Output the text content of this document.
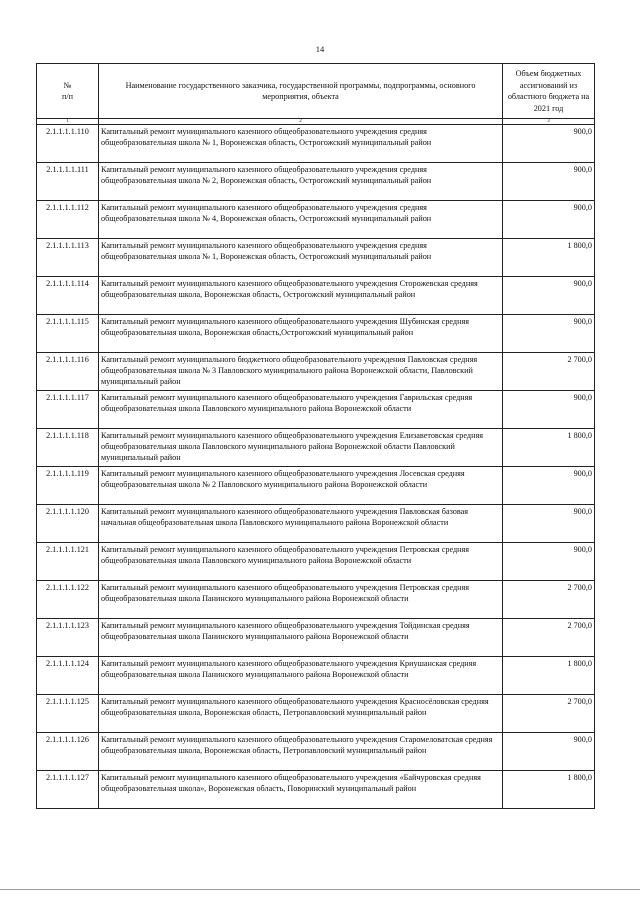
14
№
п/п	Наименование государственного заказчика, государственной программы, подпрограммы, основного мероприятия, объекта	Объем бюджетных ассигнований из областного бюджета на 2021 год
1	2	3
2.1.1.1.1.110	Капитальный ремонт муниципального казенного общеобразовательного учреждения средняя общеобразовательная школа № 1, Воронежская область, Острогожский муниципальный район	900,0
2.1.1.1.1.111	Капитальный ремонт муниципального казенного общеобразовательного учреждения средняя общеобразовательная школа № 2, Воронежская область, Острогожский муниципальный район	900,0
2.1.1.1.1.112	Капитальный ремонт муниципального казенного общеобразовательного учреждения средняя общеобразовательная школа № 4, Воронежская область, Острогожский муниципальный район	900,0
2.1.1.1.1.113	Капитальный ремонт муниципального казенного общеобразовательного учреждения средняя общеобразовательная школа № 1, Воронежская область, Острогожский муниципальный район	1 800,0
2.1.1.1.1.114	Капитальный ремонт муниципального казенного общеобразовательного учреждения Сторожевская средняя общеобразовательная школа, Воронежская область, Острогожский муниципальный район	900,0
2.1.1.1.1.115	Капитальный ремонт муниципального казенного общеобразовательного учреждения Шубинская средняя общеобразовательная школа, Воронежская область,Острогожский муниципальный район	900,0
2.1.1.1.1.116	Капитальный ремонт муниципального бюджетного общеобразовательного учреждения Павловская средняя общеобразовательная школа № 3 Павловского муниципального района Воронежской области, Павловский муниципальный район	2 700,0
2.1.1.1.1.117	Капитальный ремонт муниципального казенного общеобразовательного учреждения Гаврильская средняя общеобразовательная школа Павловского муниципального района Воронежской области	900,0
2.1.1.1.1.118	Капитальный ремонт муниципального казенного общеобразовательного учреждения Елизаветовская средняя общеобразовательная школа Павловского муниципального района Воронежской области Павловский муниципальный район	1 800,0
2.1.1.1.1.119	Капитальный ремонт муниципального казенного общеобразовательного учреждения Лосевская средняя общеобразовательная школа № 2 Павловского муниципального района Воронежской области	900,0
2.1.1.1.1.120	Капитальный ремонт муниципального казенного общеобразовательного учреждения Павловская базовая начальная общеобразовательная школа Павловского муниципального района Воронежской области	900,0
2.1.1.1.1.121	Капитальный ремонт муниципального казенного общеобразовательного учреждения Петровская средняя общеобразовательная школа Павловского муниципального района Воронежской области	900,0
2.1.1.1.1.122	Капитальный ремонт муниципального казенного общеобразовательного учреждения Петровская средняя общеобразовательная школа Панинского муниципального района Воронежской области	2 700,0
2.1.1.1.1.123	Капитальный ремонт муниципального казенного общеобразовательного учреждения Тойдинская средняя общеобразовательная школа Панинского муниципального района Воронежской области	2 700,0
2.1.1.1.1.124	Капитальный ремонт муниципального казенного общеобразовательного учреждения Криушанская средняя общеобразовательная школа Панинского муниципального района Воронежской области	1 800,0
2.1.1.1.1.125	Капитальный ремонт муниципального казенного общеобразовательного учреждения Красносёловская средняя общеобразовательная школа, Воронежская область, Петропавловский муниципальный район	2 700,0
2.1.1.1.1.126	Капитальный ремонт муниципального казенного общеобразовательного учреждения Старомеловатская средняя общеобразовательная школа, Воронежская область, Петропавловский муниципальный район	900,0
2.1.1.1.1.127	Капитальный ремонт муниципального казенного общеобразовательного учреждения «Байчуровская средняя общеобразовательная школа», Воронежская область, Поворинский муниципальный район	1 800,0
